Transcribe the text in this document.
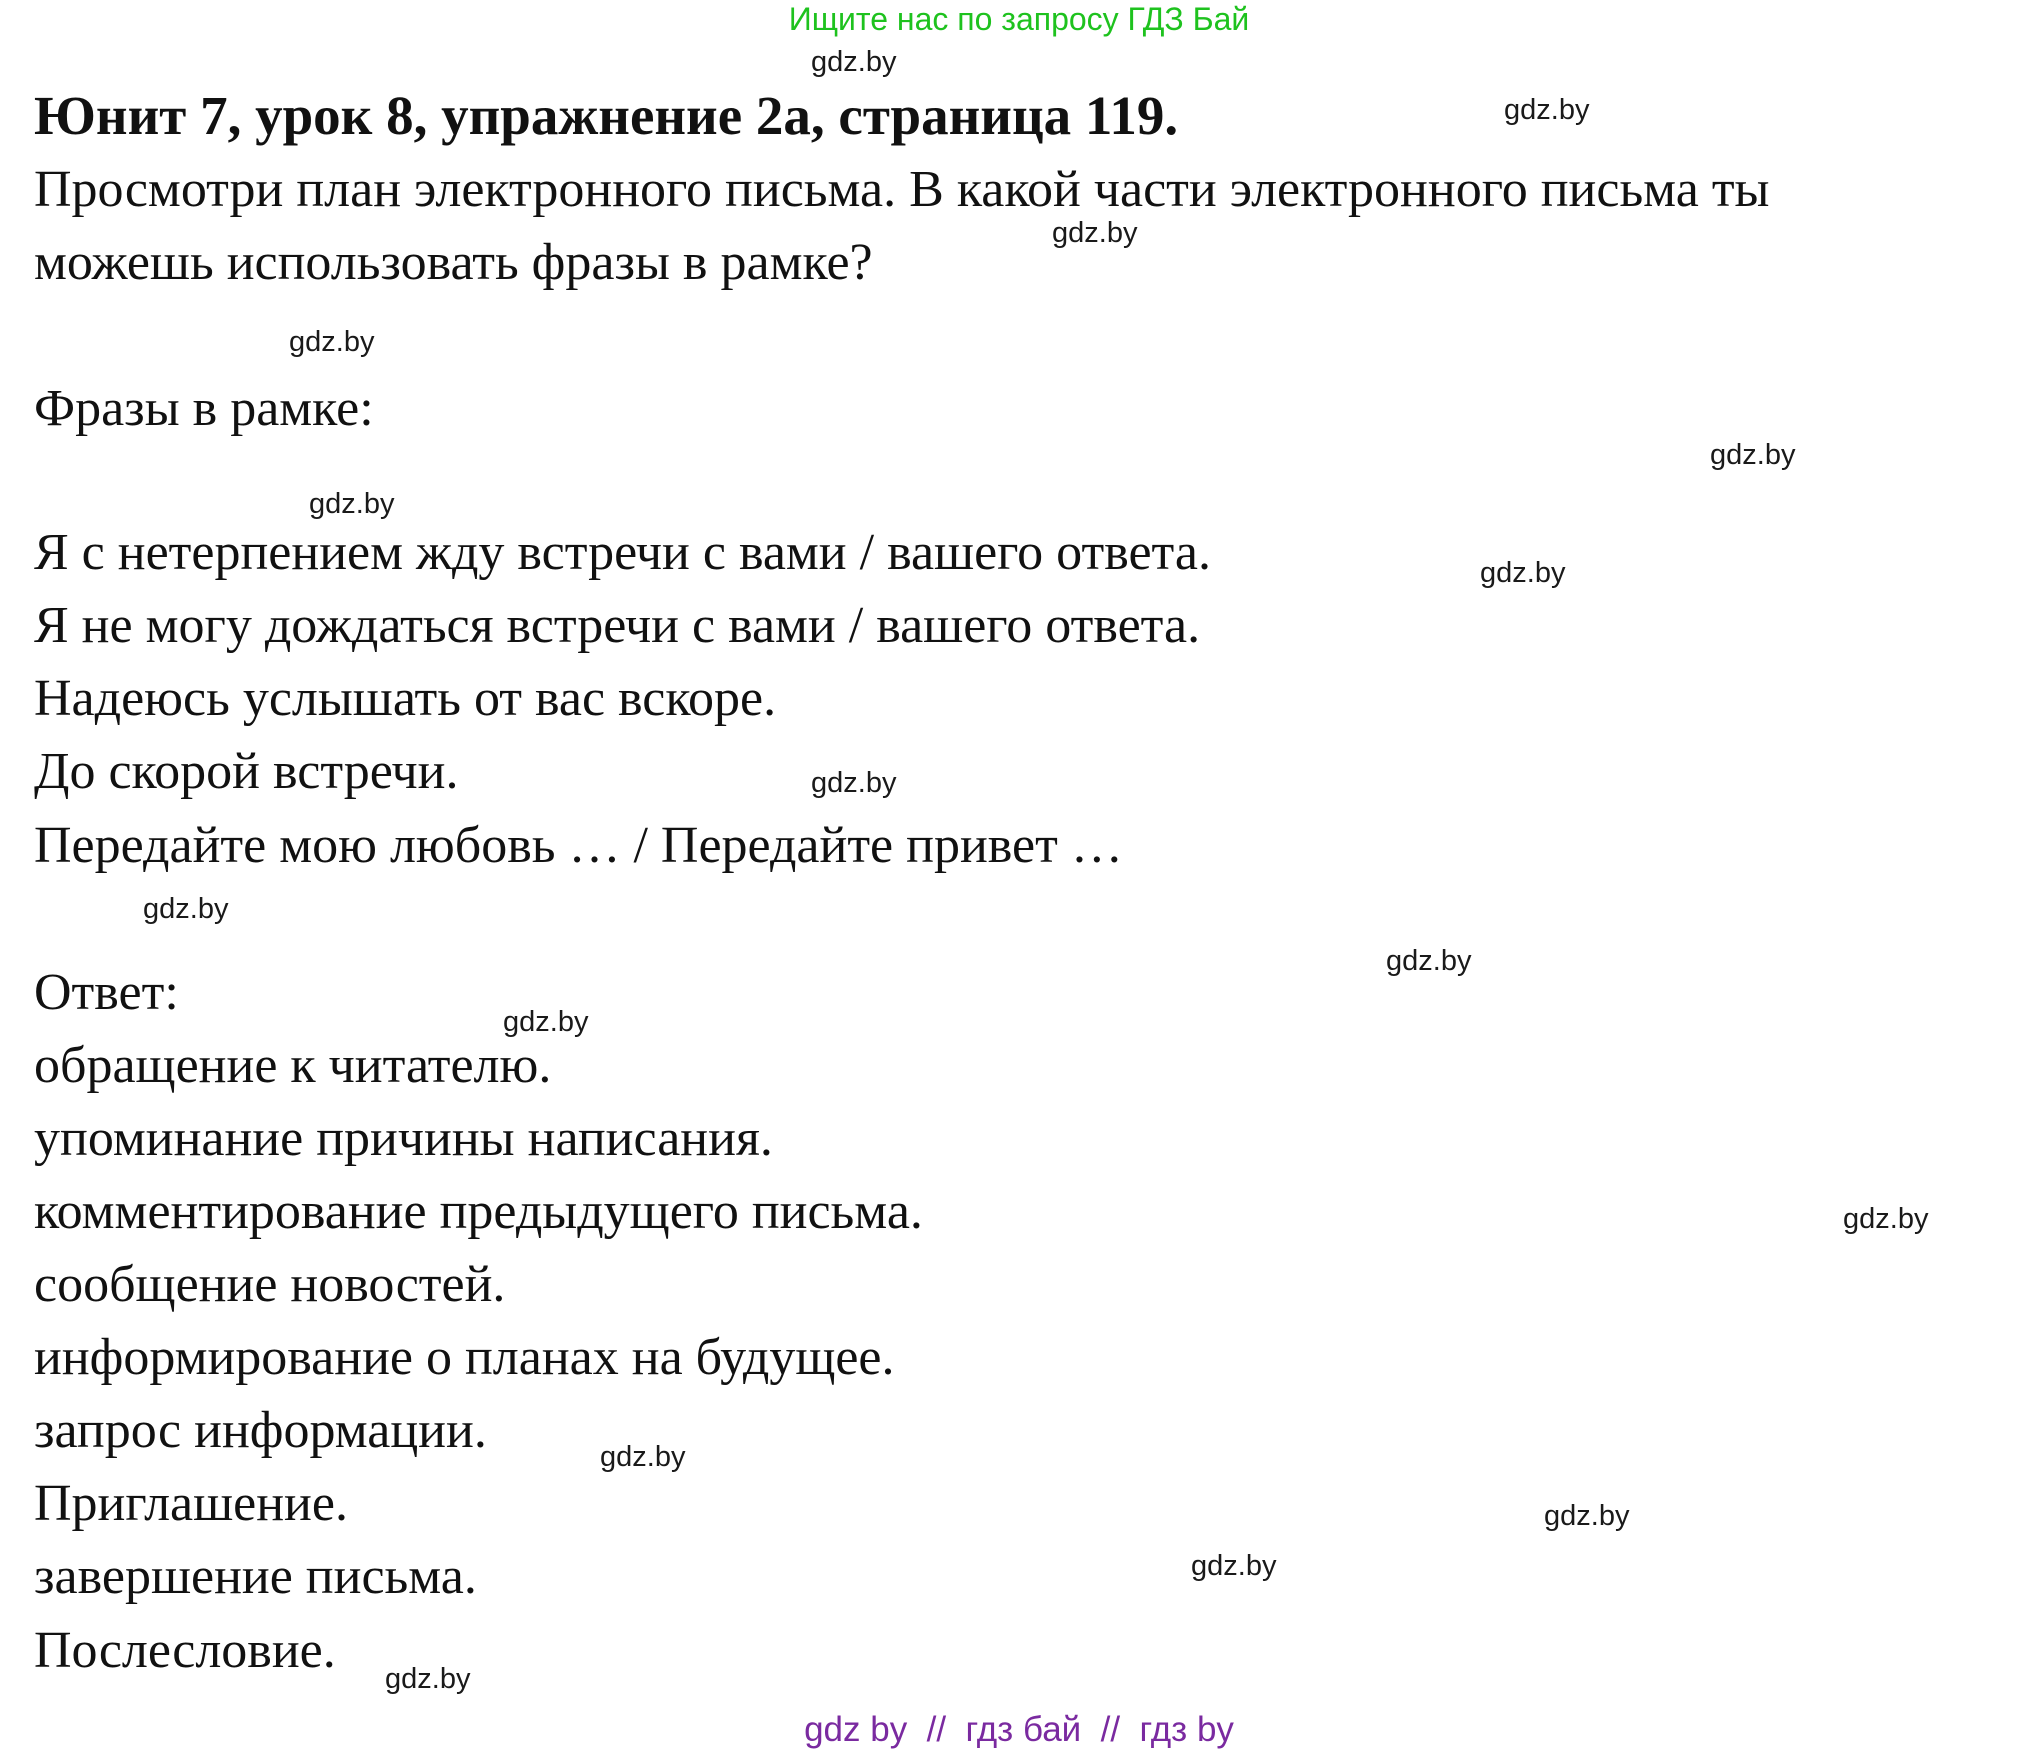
Ищите нас по запросу ГДЗ Бай
Юнит 7, урок 8, упражнение 2а, страница 119.
Просмотри план электронного письма. В какой части электронного письма ты
можешь использовать фразы в рамке?
Фразы в рамке:
Я с нетерпением жду встречи с вами / вашего ответа.
Я не могу дождаться встречи с вами / вашего ответа.
Надеюсь услышать от вас вскоре.
До скорой встречи.
Передайте мою любовь … / Передайте привет …
Ответ:
обращение к читателю.
упоминание причины написания.
комментирование предыдущего письма.
сообщение новостей.
информирование о планах на будущее.
запрос информации.
Приглашение.
завершение письма.
Послесловие.
gdz.by
gdz.by
gdz.by
gdz.by
gdz.by
gdz.by
gdz.by
gdz.by
gdz.by
gdz.by
gdz.by
gdz.by
gdz.by
gdz.by
gdz.by
gdz.by
gdz by  //  гдз бай  //  гдз by
